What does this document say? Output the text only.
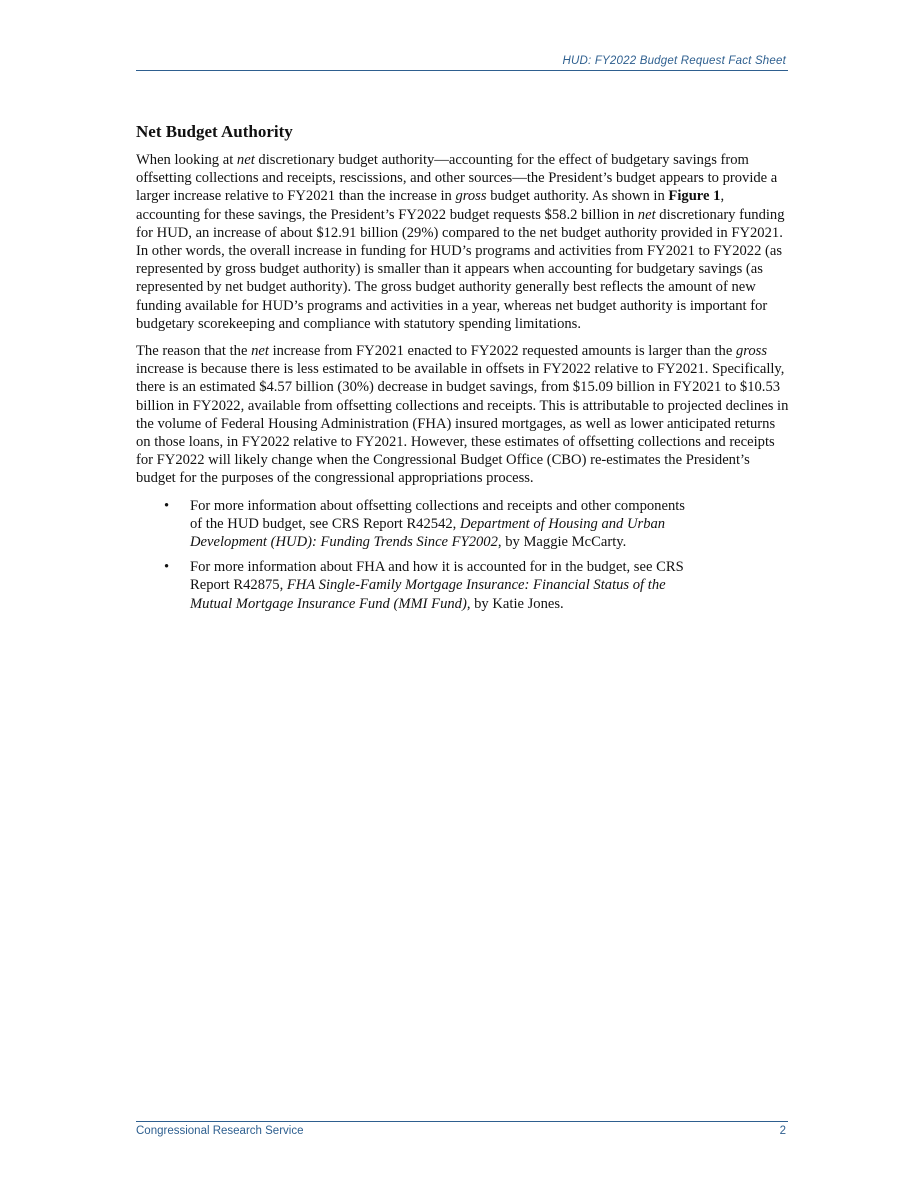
HUD: FY2022 Budget Request Fact Sheet
Net Budget Authority

When looking at net discretionary budget authority—accounting for the effect of budgetary savings from offsetting collections and receipts, rescissions, and other sources—the President’s budget appears to provide a larger increase relative to FY2021 than the increase in gross budget authority. As shown in Figure 1, accounting for these savings, the President’s FY2022 budget requests $58.2 billion in net discretionary funding for HUD, an increase of about $12.91 billion (29%) compared to the net budget authority provided in FY2021. In other words, the overall increase in funding for HUD’s programs and activities from FY2021 to FY2022 (as represented by gross budget authority) is smaller than it appears when accounting for budgetary savings (as represented by net budget authority). The gross budget authority generally best reflects the amount of new funding available for HUD’s programs and activities in a year, whereas net budget authority is important for budgetary scorekeeping and compliance with statutory spending limitations.

The reason that the net increase from FY2021 enacted to FY2022 requested amounts is larger than the gross increase is because there is less estimated to be available in offsets in FY2022 relative to FY2021. Specifically, there is an estimated $4.57 billion (30%) decrease in budget savings, from $15.09 billion in FY2021 to $10.53 billion in FY2022, available from offsetting collections and receipts. This is attributable to projected declines in the volume of Federal Housing Administration (FHA) insured mortgages, as well as lower anticipated returns on those loans, in FY2022 relative to FY2021. However, these estimates of offsetting collections and receipts for FY2022 will likely change when the Congressional Budget Office (CBO) re-estimates the President’s budget for the purposes of the congressional appropriations process.

• For more information about offsetting collections and receipts and other components of the HUD budget, see CRS Report R42542, Department of Housing and Urban Development (HUD): Funding Trends Since FY2002, by Maggie McCarty.
• For more information about FHA and how it is accounted for in the budget, see CRS Report R42875, FHA Single-Family Mortgage Insurance: Financial Status of the Mutual Mortgage Insurance Fund (MMI Fund), by Katie Jones.
Congressional Research Service	2
